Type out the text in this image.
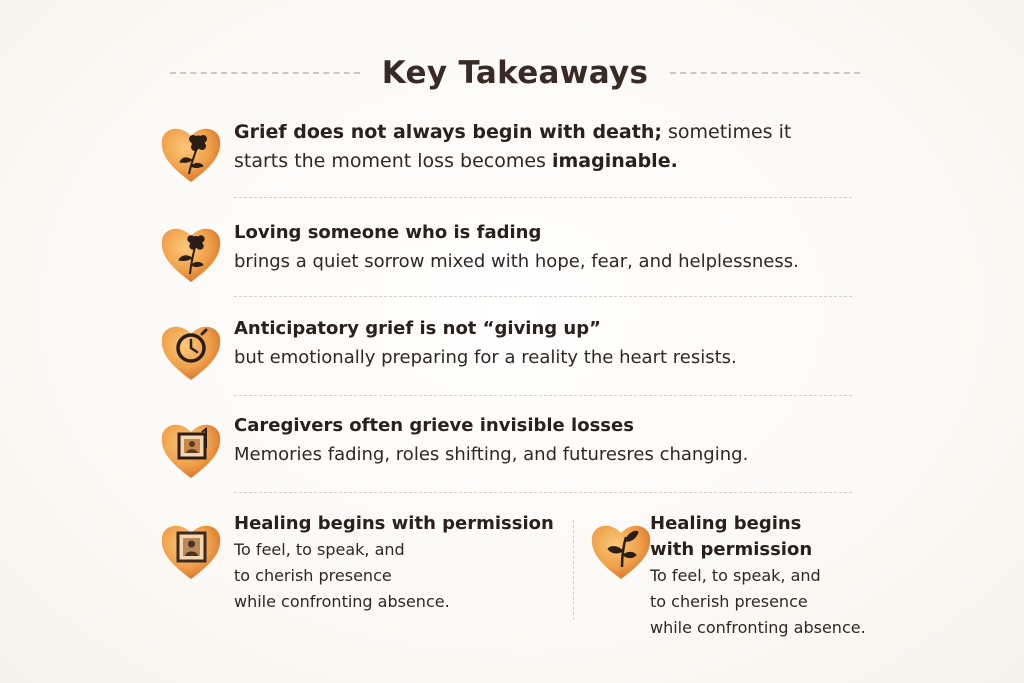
Key Takeaways
Grief does not always begin with death; sometimes it
starts the moment loss becomes imaginable.
Loving someone who is fading
brings a quiet sorrow mixed with hope, fear, and helplessness.
Anticipatory grief is not “giving up”
but emotionally preparing for a reality the heart resists.
Caregivers often grieve invisible losses
Memories fading, roles shifting, and futuresres changing.
Healing begins with permission
To feel, to speak, and
to cherish presence
while confronting absence.
Healing begins
with permission
To feel, to speak, and
to cherish presence
while confronting absence.
